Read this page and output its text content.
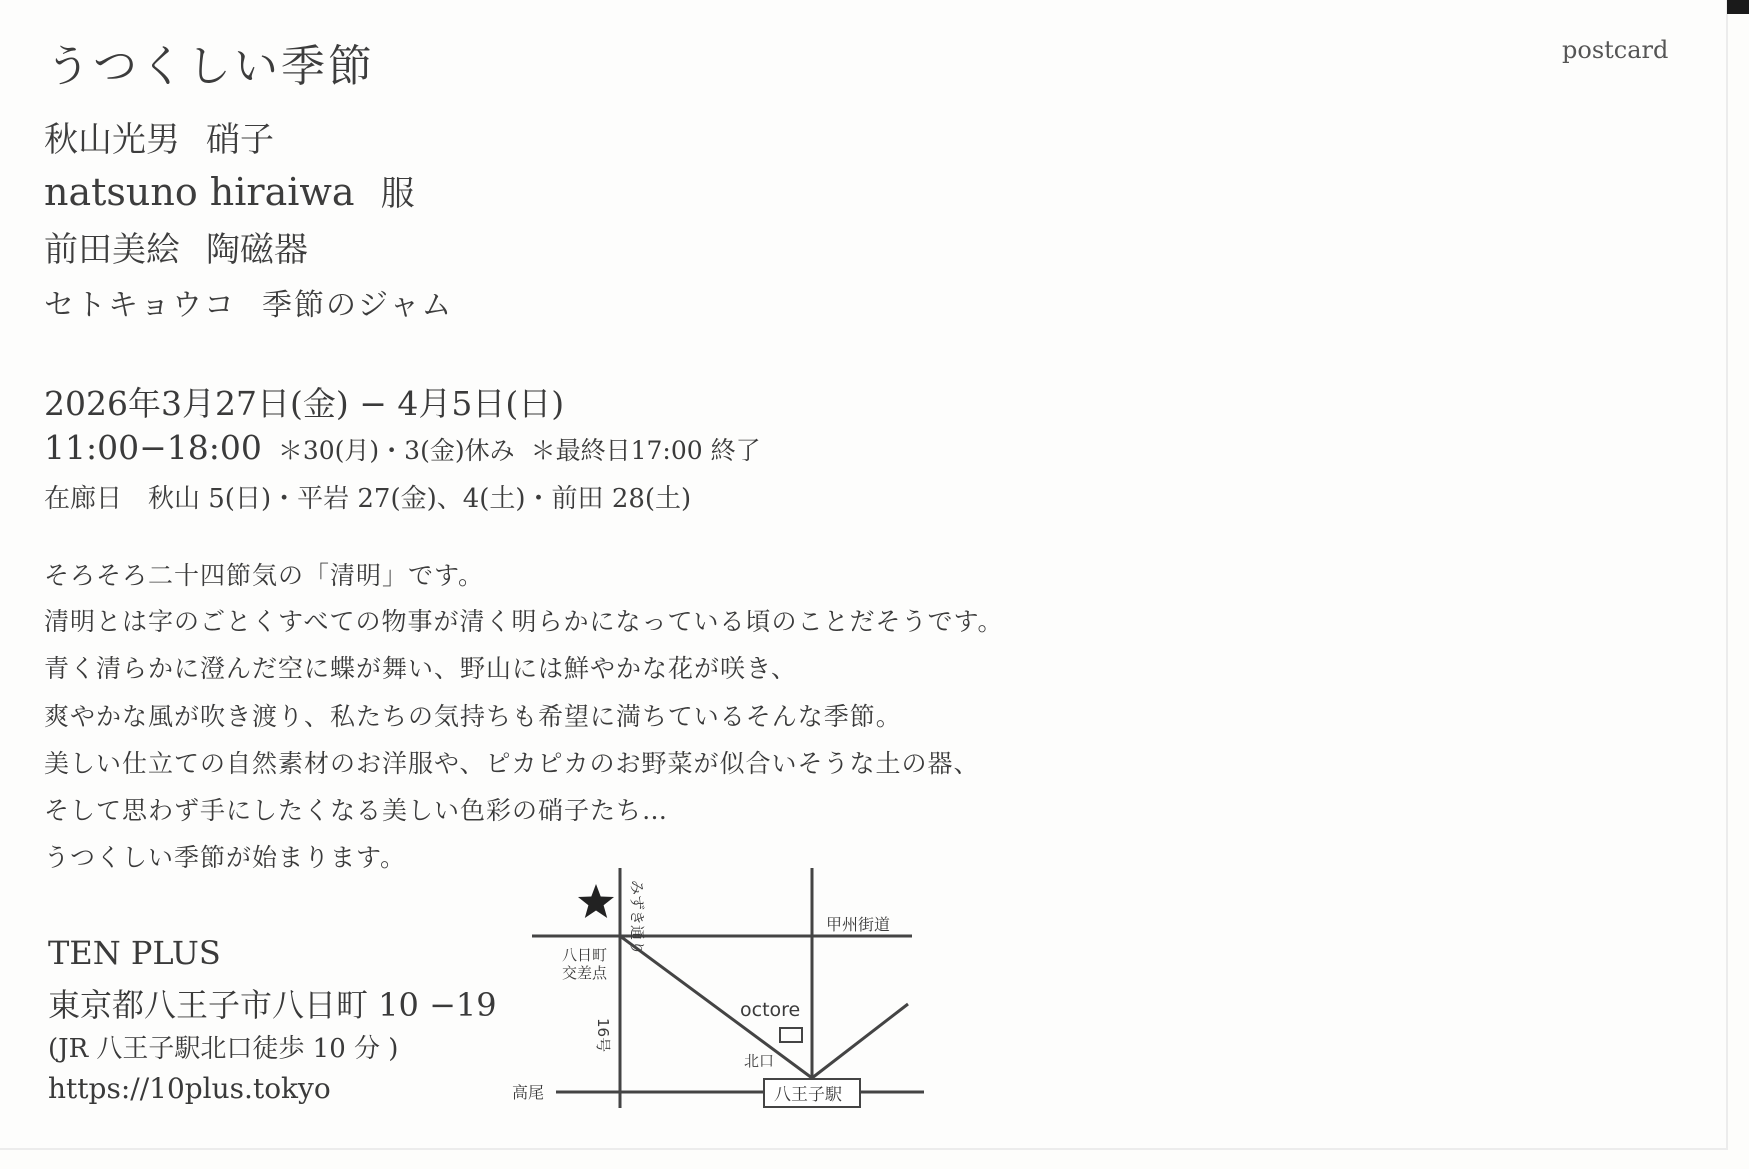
うつくしい季節	postcard
秋山光男 硝子
natsuno hiraiwa 服
前田美絵 陶磁器
セトキョウコ 季節のジャム
2026年3月27日(金) − 4月5日(日)
11:00−18:00 ＊30(月)・3(金)休み ＊最終日17:00 終了
在廊日　秋山 5(日)・平岩 27(金)、4(土)・前田 28(土)
そろそろ二十四節気の「清明」です。
清明とは字のごとくすべての物事が清く明らかになっている頃のことだそうです。
青く清らかに澄んだ空に蝶が舞い、野山には鮮やかな花が咲き、
爽やかな風が吹き渡り、私たちの気持ちも希望に満ちているそんな季節。
美しい仕立ての自然素材のお洋服や、ピカピカのお野菜が似合いそうな土の器、
そして思わず手にしたくなる美しい色彩の硝子たち…
うつくしい季節が始まります。
TEN PLUS
東京都八王子市八日町 10 −19
(JR 八王子駅北口徒歩 10 分 )
https://10plus.tokyo
みずき通り	甲州街道
八日町
交差点
16号
octore
北口
八王子駅
高尾
